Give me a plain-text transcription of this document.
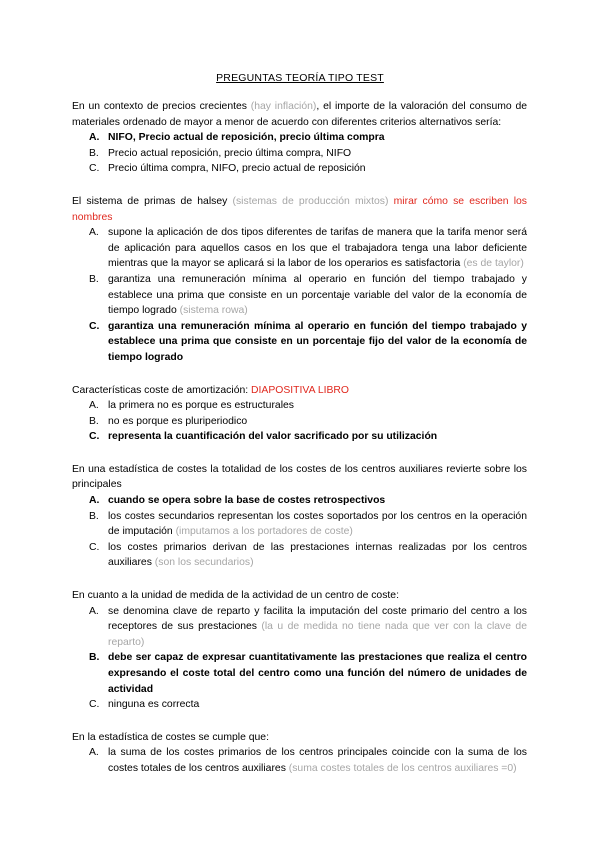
PREGUNTAS TEORÍA TIPO TEST
En un contexto de precios crecientes (hay inflación), el importe de la valoración del consumo de materiales ordenado de mayor a menor de acuerdo con diferentes criterios alternativos sería:
A. NIFO, Precio actual de reposición, precio última compra
B. Precio actual reposición, precio última compra, NIFO
C. Precio última compra, NIFO, precio actual de reposición
El sistema de primas de halsey (sistemas de producción mixtos) mirar cómo se escriben los nombres
A. supone la aplicación de dos tipos diferentes de tarifas de manera que la tarifa menor será de aplicación para aquellos casos en los que el trabajadora tenga una labor deficiente mientras que la mayor se aplicará si la labor de los operarios es satisfactoria (es de taylor)
B. garantiza una remuneración mínima al operario en función del tiempo trabajado y establece una prima que consiste en un porcentaje variable del valor de la economía de tiempo logrado (sistema rowa)
C. garantiza una remuneración mínima al operario en función del tiempo trabajado y establece una prima que consiste en un porcentaje fijo del valor de la economía de tiempo logrado
Características coste de amortización: DIAPOSITIVA LIBRO
A. la primera no es porque es estructurales
B. no es porque es pluriperiodico
C. representa la cuantificación del valor sacrificado por su utilización
En una estadística de costes la totalidad de los costes de los centros auxiliares revierte sobre los principales
A. cuando se opera sobre la base de costes retrospectivos
B. los costes secundarios representan los costes soportados por los centros en la operación de imputación (imputamos a los portadores de coste)
C. los costes primarios derivan de las prestaciones internas realizadas por los centros auxiliares (son los secundarios)
En cuanto a la unidad de medida de la actividad de un centro de coste:
A. se denomina clave de reparto y facilita la imputación del coste primario del centro a los receptores de sus prestaciones (la u de medida no tiene nada que ver con la clave de reparto)
B. debe ser capaz de expresar cuantitativamente las prestaciones que realiza el centro expresando el coste total del centro como una función del número de unidades de actividad
C. ninguna es correcta
En la estadística de costes se cumple que:
A. la suma de los costes primarios de los centros principales coincide con la suma de los costes totales de los centros auxiliares (suma costes totales de los centros auxiliares =0)
